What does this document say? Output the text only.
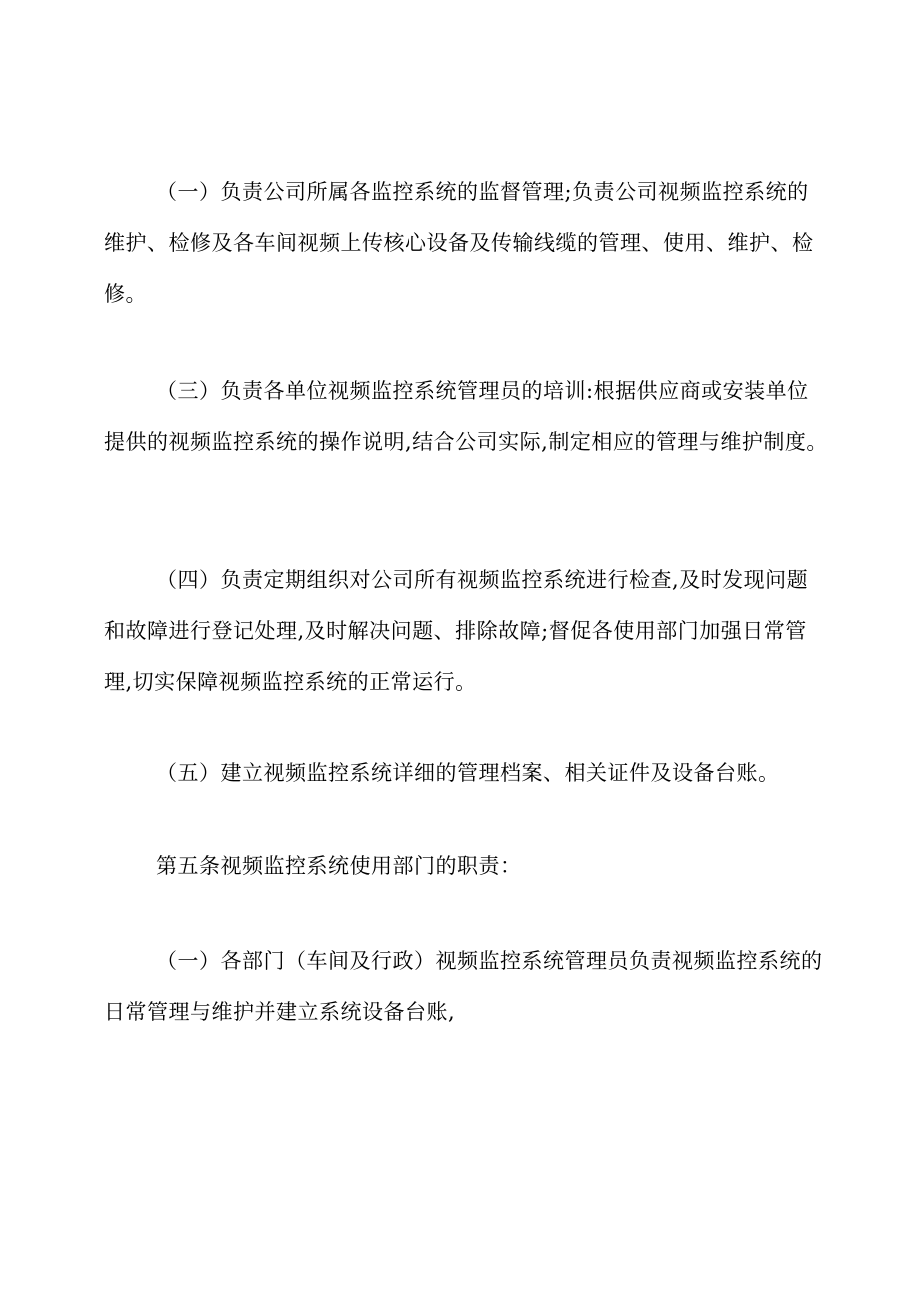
（一）负责公司所属各监控系统的监督管理;负责公司视频监控系统的维护、检修及各车间视频上传核心设备及传输线缆的管理、使用、维护、检修。

（三）负责各单位视频监控系统管理员的培训:根据供应商或安装单位提供的视频监控系统的操作说明,结合公司实际,制定相应的管理与维护制度。

（四）负责定期组织对公司所有视频监控系统进行检查,及时发现问题和故障进行登记处理,及时解决问题、排除故障;督促各使用部门加强日常管理,切实保障视频监控系统的正常运行。

（五）建立视频监控系统详细的管理档案、相关证件及设备台账。

第五条视频监控系统使用部门的职责：

（一）各部门（车间及行政）视频监控系统管理员负责视频监控系统的日常管理与维护并建立系统设备台账,
